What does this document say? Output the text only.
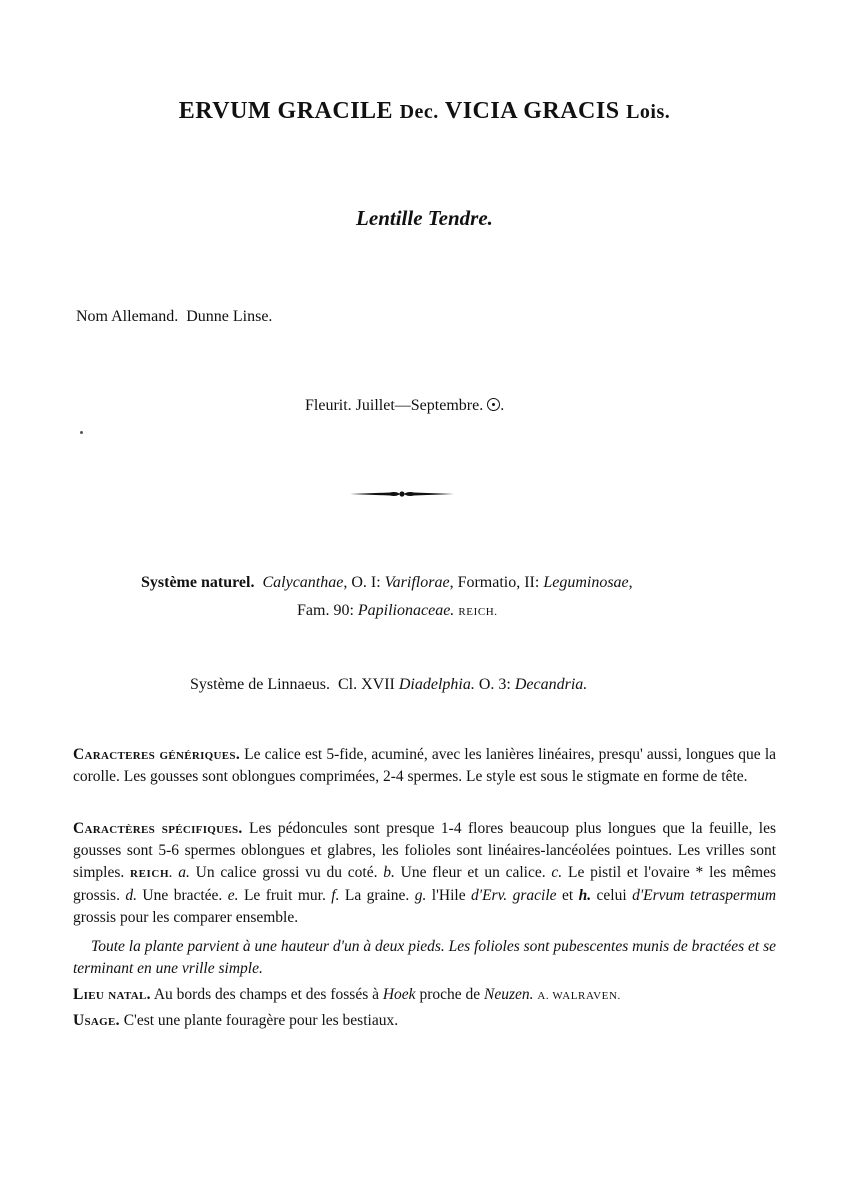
ERVUM GRACILE Dec. VICIA GRACIS Lois.
Lentille Tendre.
Nom Allemand.  Dunne Linse.
Fleurit. Juillet—Septembre. .
Système naturel. Calycanthae, O. I: Variflorae, Formatio, II: Leguminosae,
Fam. 90: Papilionaceae. REICH.
Système de Linnaeus. Cl. XVII Diadelphia. O. 3: Decandria.
Caracteres génériques. Le calice est 5-fide, acuminé, avec les lanières linéaires, presqu' aussi, longues que la corolle. Les gousses sont oblongues comprimées, 2-4 spermes. Le style est sous le stigmate en forme de tête.
Caractères spécifiques. Les pédoncules sont presque 1-4 flores beaucoup plus longues que la feuille, les gousses sont 5-6 spermes oblongues et glabres, les folioles sont linéaires-lancéolées pointues. Les vrilles sont simples. REICH. a. Un calice grossi vu du coté. b. Une fleur et un calice. c. Le pistil et l'ovaire * les mêmes grossis. d. Une bractée. e. Le fruit mur. f. La graine. g. l'Hile d'Erv. gracile et h. celui d'Ervum tetraspermum grossis pour les comparer ensemble.
Toute la plante parvient à une hauteur d'un à deux pieds. Les folioles sont pubescentes munis de bractées et se terminant en une vrille simple.
Lieu natal. Au bords des champs et des fossés à Hoek proche de Neuzen. A. WALRAVEN.
Usage. C'est une plante fouragère pour les bestiaux.
